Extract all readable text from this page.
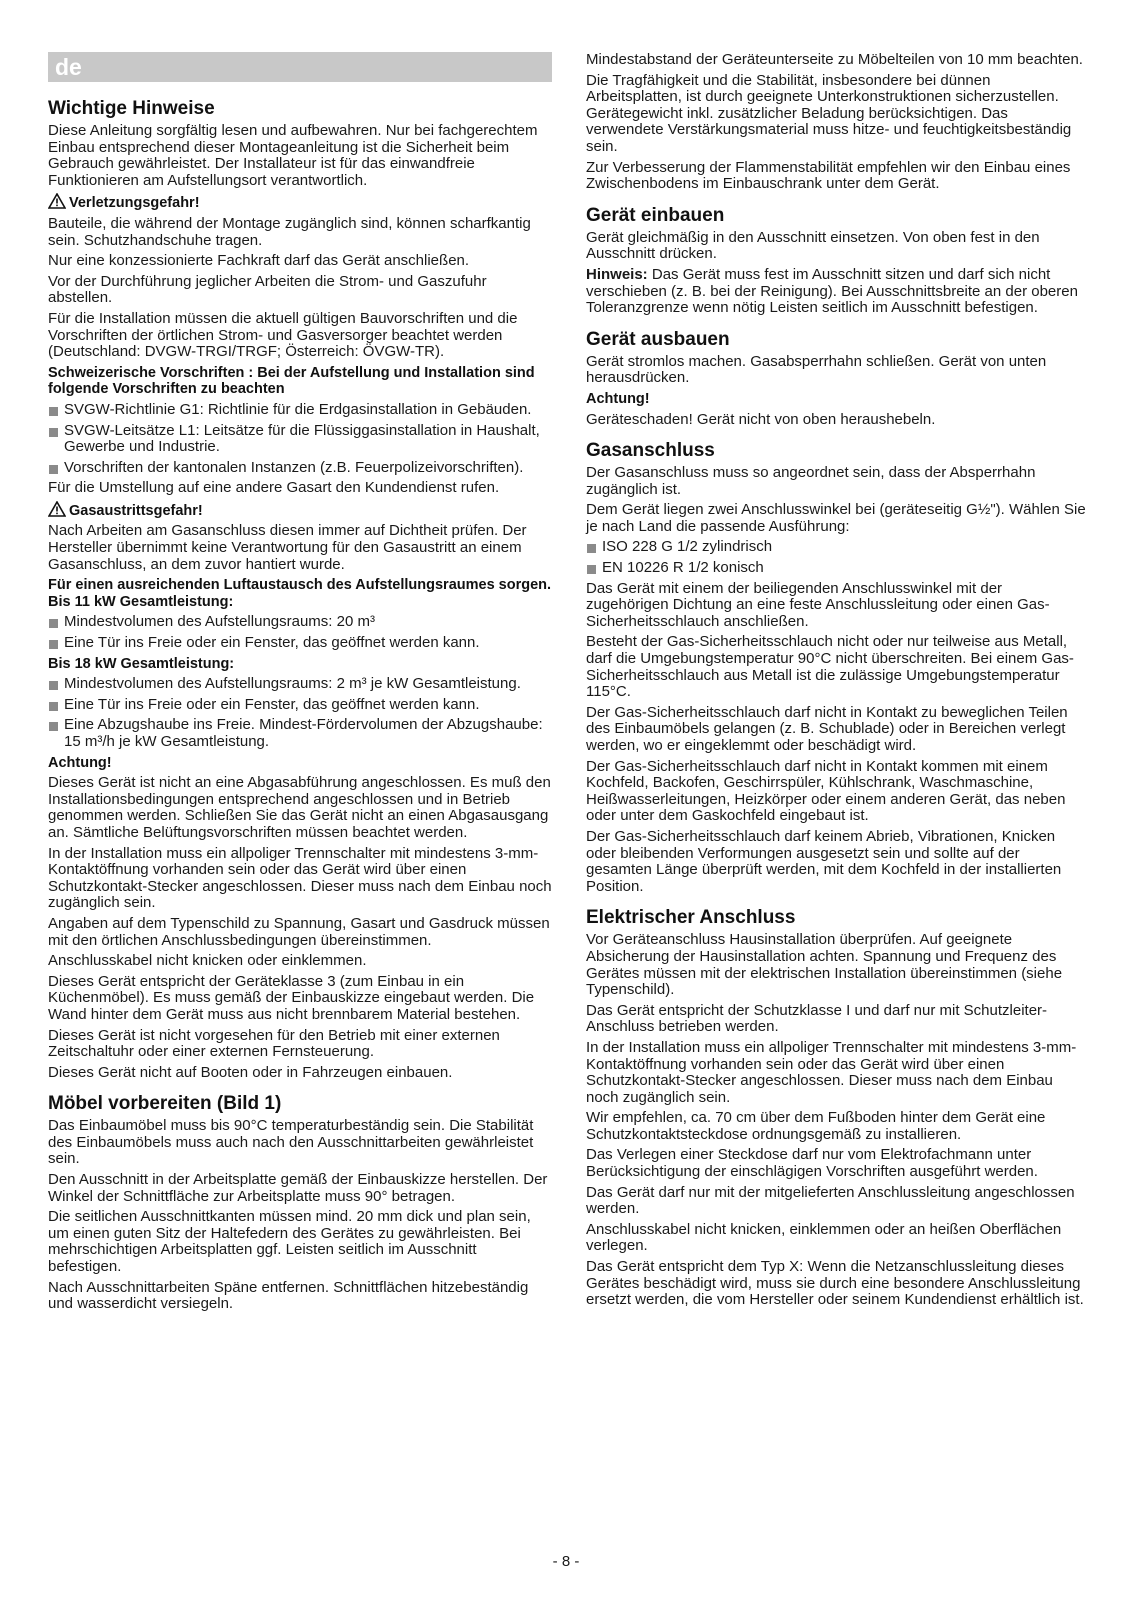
de
Wichtige Hinweise

Diese Anleitung sorgfältig lesen und aufbewahren. Nur bei fachgerechtem Einbau entsprechend dieser Montageanleitung ist die Sicherheit beim Gebrauch gewährleistet. Der Installateur ist für das einwandfreie Funktionieren am Aufstellungsort verantwortlich.

Verletzungsgefahr!

Bauteile, die während der Montage zugänglich sind, können scharfkantig sein. Schutzhandschuhe tragen.

Nur eine konzessionierte Fachkraft darf das Gerät anschließen.

Vor der Durchführung jeglicher Arbeiten die Strom- und Gaszufuhr abstellen.

Für die Installation müssen die aktuell gültigen Bauvorschriften und die Vorschriften der örtlichen Strom- und Gasversorger beachtet werden (Deutschland: DVGW-TRGI/TRGF; Österreich: ÖVGW-TR).

Schweizerische Vorschriften : Bei der Aufstellung und Installation sind folgende Vorschriften zu beachten
SVGW-Richtlinie G1: Richtlinie für die Erdgasinstallation in Gebäuden.
SVGW-Leitsätze L1: Leitsätze für die Flüssiggasinstallation in Haushalt, Gewerbe und Industrie.
Vorschriften der kantonalen Instanzen (z.B. Feuerpolizeivorschriften).

Für die Umstellung auf eine andere Gasart den Kundendienst rufen.

Gasaustrittsgefahr!

Nach Arbeiten am Gasanschluss diesen immer auf Dichtheit prüfen. Der Hersteller übernimmt keine Verantwortung für den Gasaustritt an einem Gasanschluss, an dem zuvor hantiert wurde.

Für einen ausreichenden Luftaustausch des Aufstellungsraumes sorgen. Bis 11 kW Gesamtleistung:
Mindestvolumen des Aufstellungsraums: 20 m³
Eine Tür ins Freie oder ein Fenster, das geöffnet werden kann.
Bis 18 kW Gesamtleistung:
Mindestvolumen des Aufstellungsraums: 2 m³ je kW Gesamtleistung.
Eine Tür ins Freie oder ein Fenster, das geöffnet werden kann.
Eine Abzugshaube ins Freie. Mindest-Fördervolumen der Abzugshaube: 15 m³/h je kW Gesamtleistung.
Achtung!

Dieses Gerät ist nicht an eine Abgasabführung angeschlossen. Es muß den Installationsbedingungen entsprechend angeschlossen und in Betrieb genommen werden. Schließen Sie das Gerät nicht an einen Abgasausgang an. Sämtliche Belüftungsvorschriften müssen beachtet werden.

In der Installation muss ein allpoliger Trennschalter mit mindestens 3-mm-Kontaktöffnung vorhanden sein oder das Gerät wird über einen Schutzkontakt-Stecker angeschlossen. Dieser muss nach dem Einbau noch zugänglich sein.

Angaben auf dem Typenschild zu Spannung, Gasart und Gasdruck müssen mit den örtlichen Anschlussbedingungen übereinstimmen.

Anschlusskabel nicht knicken oder einklemmen.

Dieses Gerät entspricht der Geräteklasse 3 (zum Einbau in ein Küchenmöbel). Es muss gemäß der Einbauskizze eingebaut werden. Die Wand hinter dem Gerät muss aus nicht brennbarem Material bestehen.

Dieses Gerät ist nicht vorgesehen für den Betrieb mit einer externen Zeitschaltuhr oder einer externen Fernsteuerung.

Dieses Gerät nicht auf Booten oder in Fahrzeugen einbauen.

Möbel vorbereiten (Bild 1)

Das Einbaumöbel muss bis 90°C temperaturbeständig sein. Die Stabilität des Einbaumöbels muss auch nach den Ausschnittarbeiten gewährleistet sein.

Den Ausschnitt in der Arbeitsplatte gemäß der Einbauskizze herstellen. Der Winkel der Schnittfläche zur Arbeitsplatte muss 90° betragen.

Die seitlichen Ausschnittkanten müssen mind. 20 mm dick und plan sein, um einen guten Sitz der Haltefedern des Gerätes zu gewährleisten. Bei mehrschichtigen Arbeitsplatten ggf. Leisten seitlich im Ausschnitt befestigen.

Nach Ausschnittarbeiten Späne entfernen. Schnittflächen hitzebeständig und wasserdicht versiegeln.

Mindestabstand der Geräteunterseite zu Möbelteilen von 10 mm beachten.

Die Tragfähigkeit und die Stabilität, insbesondere bei dünnen Arbeitsplatten, ist durch geeignete Unterkonstruktionen sicherzustellen. Gerätegewicht inkl. zusätzlicher Beladung berücksichtigen. Das verwendete Verstärkungsmaterial muss hitze- und feuchtigkeitsbeständig sein.

Zur Verbesserung der Flammenstabilität empfehlen wir den Einbau eines Zwischenbodens im Einbauschrank unter dem Gerät.

Gerät einbauen

Gerät gleichmäßig in den Ausschnitt einsetzen. Von oben fest in den Ausschnitt drücken.

Hinweis: Das Gerät muss fest im Ausschnitt sitzen und darf sich nicht verschieben (z. B. bei der Reinigung). Bei Ausschnittsbreite an der oberen Toleranzgrenze wenn nötig Leisten seitlich im Ausschnitt befestigen.

Gerät ausbauen

Gerät stromlos machen. Gasabsperrhahn schließen. Gerät von unten herausdrücken.

Achtung!

Geräteschaden! Gerät nicht von oben heraushebeln.

Gasanschluss

Der Gasanschluss muss so angeordnet sein, dass der Absperrhahn zugänglich ist.

Dem Gerät liegen zwei Anschlusswinkel bei (geräteseitig G½"). Wählen Sie je nach Land die passende Ausführung:

ISO 228 G 1/2 zylindrisch
EN 10226 R 1/2 konisch

Das Gerät mit einem der beiliegenden Anschlusswinkel mit der zugehörigen Dichtung an eine feste Anschlussleitung oder einen Gas-Sicherheitsschlauch anschließen.

Besteht der Gas-Sicherheitsschlauch nicht oder nur teilweise aus Metall, darf die Umgebungstemperatur 90°C nicht überschreiten. Bei einem Gas-Sicherheitsschlauch aus Metall ist die zulässige Umgebungstemperatur 115°C.

Der Gas-Sicherheitsschlauch darf nicht in Kontakt zu beweglichen Teilen des Einbaumöbels gelangen (z. B. Schublade) oder in Bereichen verlegt werden, wo er eingeklemmt oder beschädigt wird.

Der Gas-Sicherheitsschlauch darf nicht in Kontakt kommen mit einem Kochfeld, Backofen, Geschirrspüler, Kühlschrank, Waschmaschine, Heißwasserleitungen, Heizkörper oder einem anderen Gerät, das neben oder unter dem Gaskochfeld eingebaut ist.

Der Gas-Sicherheitsschlauch darf keinem Abrieb, Vibrationen, Knicken oder bleibenden Verformungen ausgesetzt sein und sollte auf der gesamten Länge überprüft werden, mit dem Kochfeld in der installierten Position.

Elektrischer Anschluss

Vor Geräteanschluss Hausinstallation überprüfen. Auf geeignete Absicherung der Hausinstallation achten. Spannung und Frequenz des Gerätes müssen mit der elektrischen Installation übereinstimmen (siehe Typenschild).

Das Gerät entspricht der Schutzklasse I und darf nur mit Schutzleiter-Anschluss betrieben werden.

In der Installation muss ein allpoliger Trennschalter mit mindestens 3-mm-Kontaktöffnung vorhanden sein oder das Gerät wird über einen Schutzkontakt-Stecker angeschlossen. Dieser muss nach dem Einbau noch zugänglich sein.

Wir empfehlen, ca. 70 cm über dem Fußboden hinter dem Gerät eine Schutzkontaktsteckdose ordnungsgemäß zu installieren.

Das Verlegen einer Steckdose darf nur vom Elektrofachmann unter Berücksichtigung der einschlägigen Vorschriften ausgeführt werden.

Das Gerät darf nur mit der mitgelieferten Anschlussleitung angeschlossen werden.

Anschlusskabel nicht knicken, einklemmen oder an heißen Oberflächen verlegen.

Das Gerät entspricht dem Typ X: Wenn die Netzanschlussleitung dieses Gerätes beschädigt wird, muss sie durch eine besondere Anschlussleitung ersetzt werden, die vom Hersteller oder seinem Kundendienst erhältlich ist.

- 8 -
